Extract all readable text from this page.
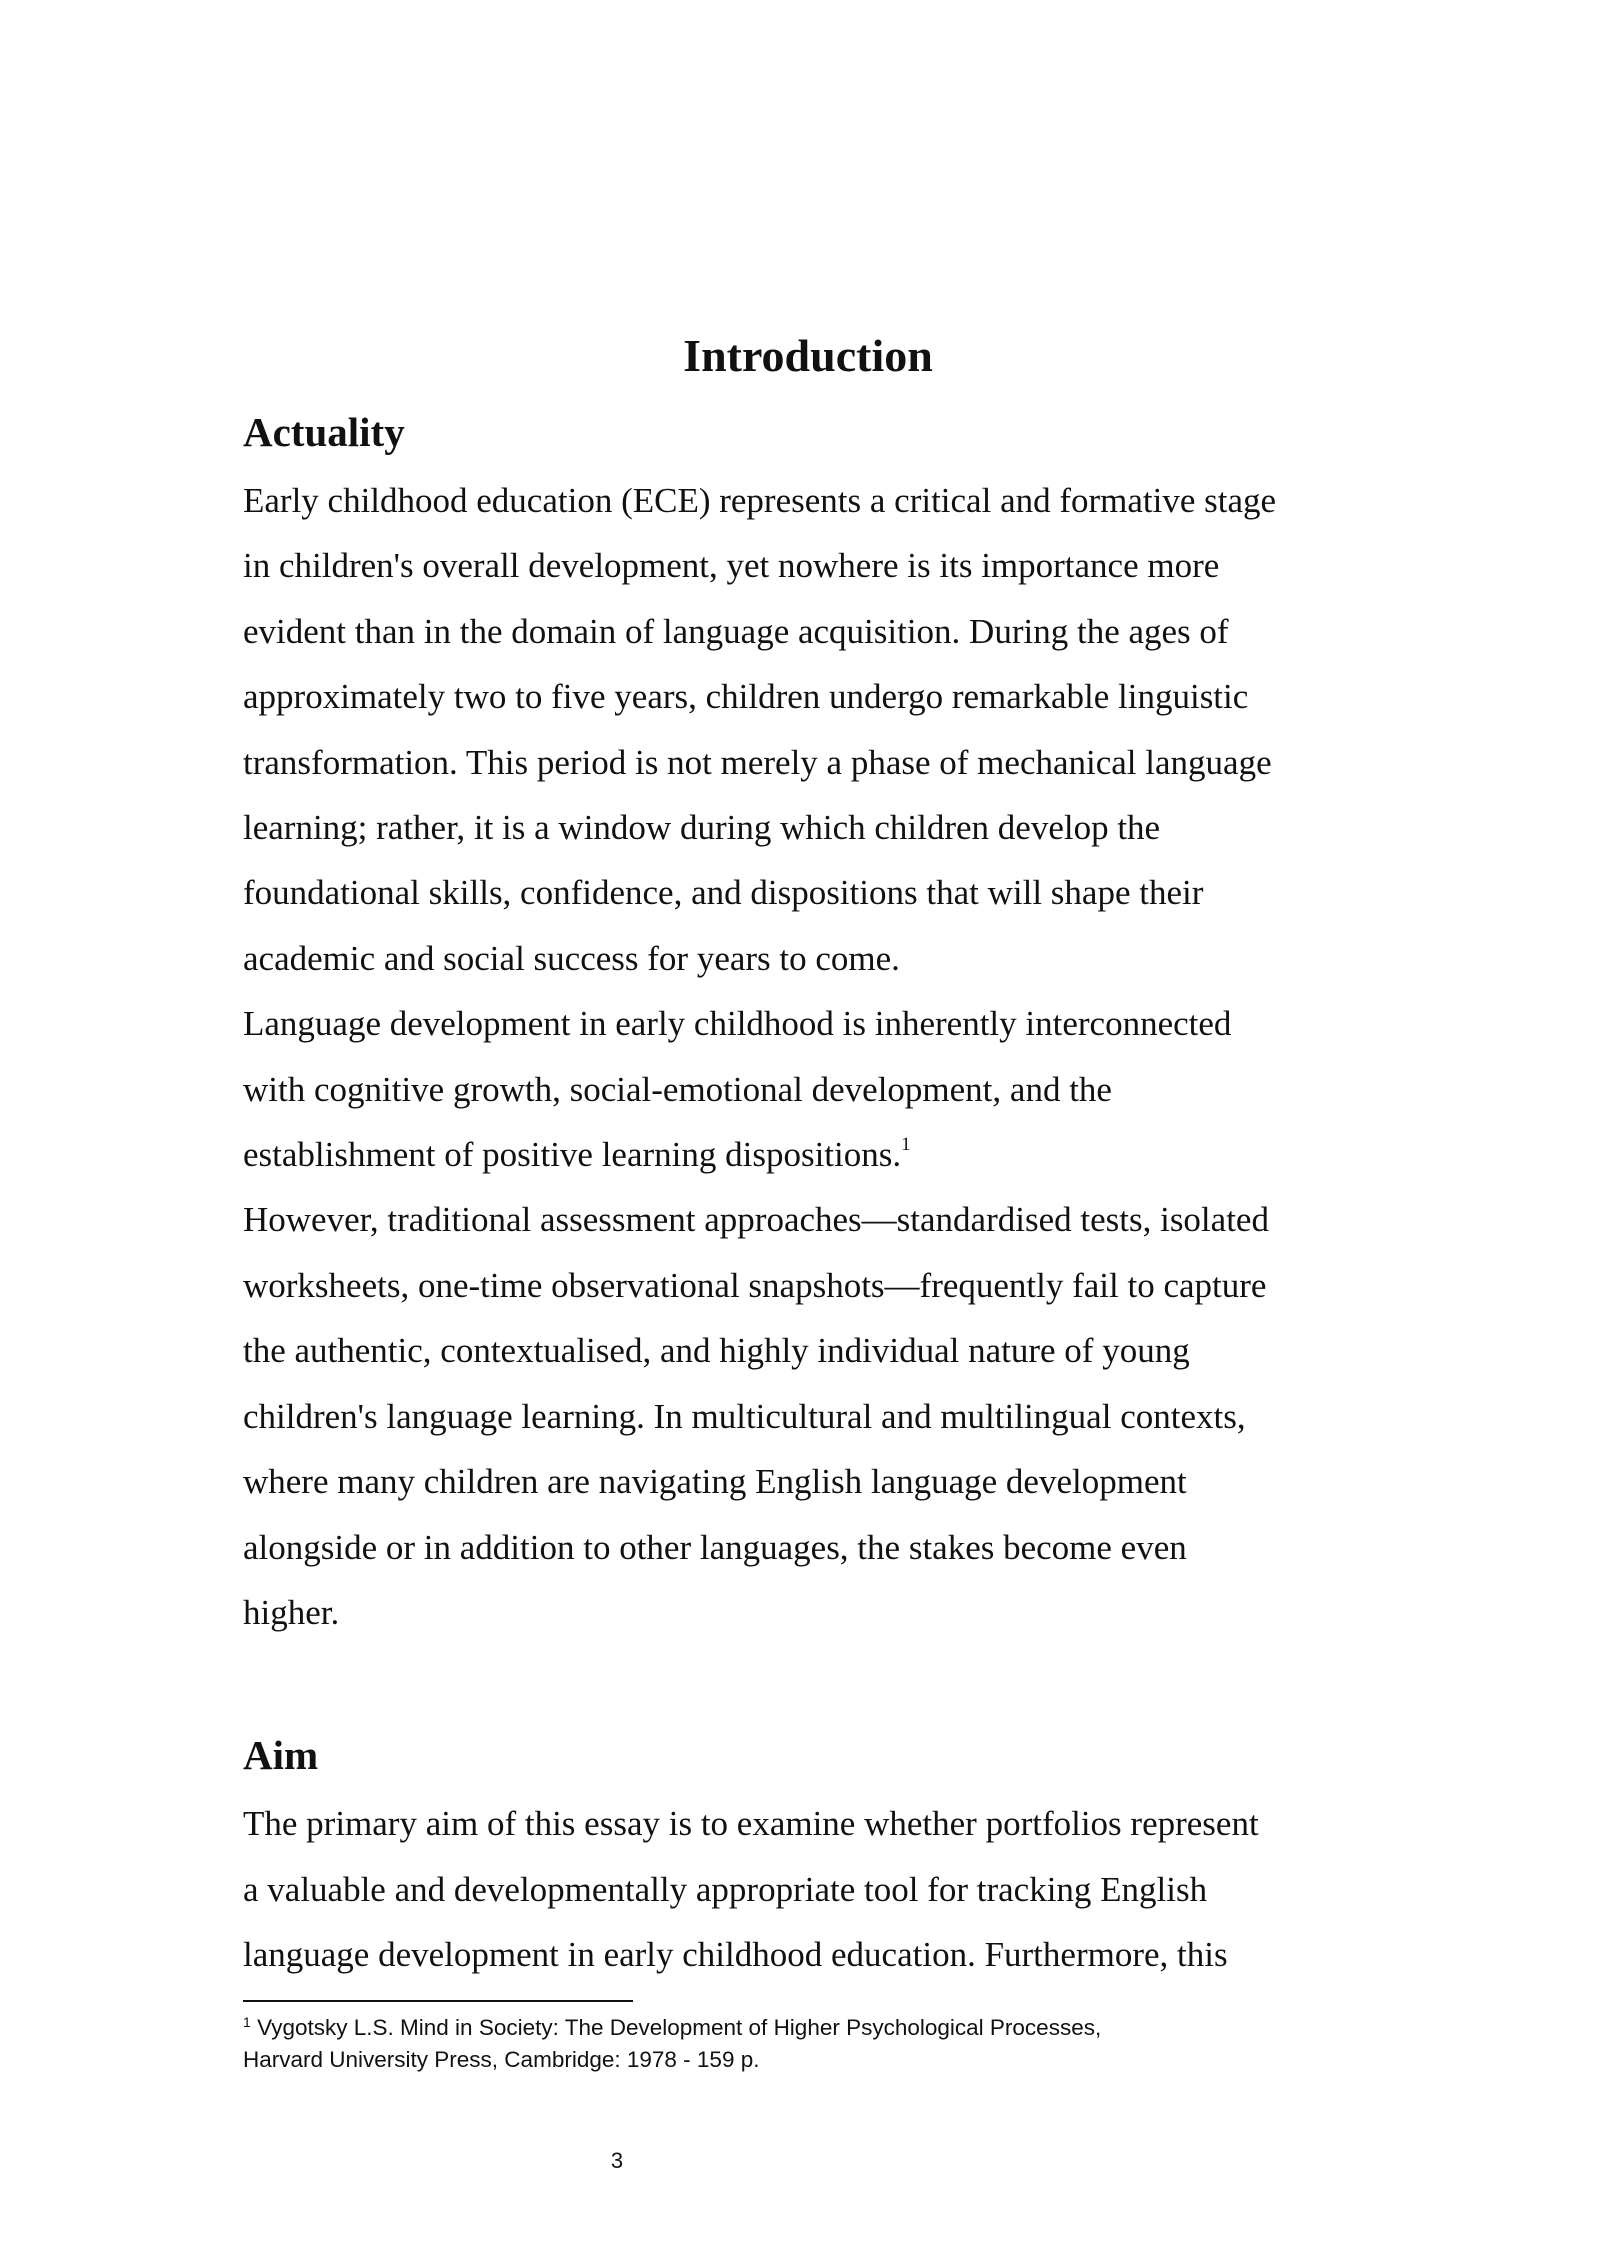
Introduction
Actuality

Early childhood education (ECE) represents a critical and formative stage
in children's overall development, yet nowhere is its importance more
evident than in the domain of language acquisition. During the ages of
approximately two to five years, children undergo remarkable linguistic
transformation. This period is not merely a phase of mechanical language
learning; rather, it is a window during which children develop the
foundational skills, confidence, and dispositions that will shape their
academic and social success for years to come.

Language development in early childhood is inherently interconnected
with cognitive growth, social-emotional development, and the
establishment of positive learning dispositions.$^1$

However, traditional assessment approaches—standardised tests, isolated
worksheets, one-time observational snapshots—frequently fail to capture
the authentic, contextualised, and highly individual nature of young
children's language learning. In multicultural and multilingual contexts,
where many children are navigating English language development
alongside or in addition to other languages, the stakes become even
higher.

Aim

The primary aim of this essay is to examine whether portfolios represent
a valuable and developmentally appropriate tool for tracking English
language development in early childhood education. Furthermore, this

$^1$ Vygotsky L.S. Mind in Society: The Development of Higher Psychological Processes,
Harvard University Press, Cambridge: 1978 - 159 p.
3
